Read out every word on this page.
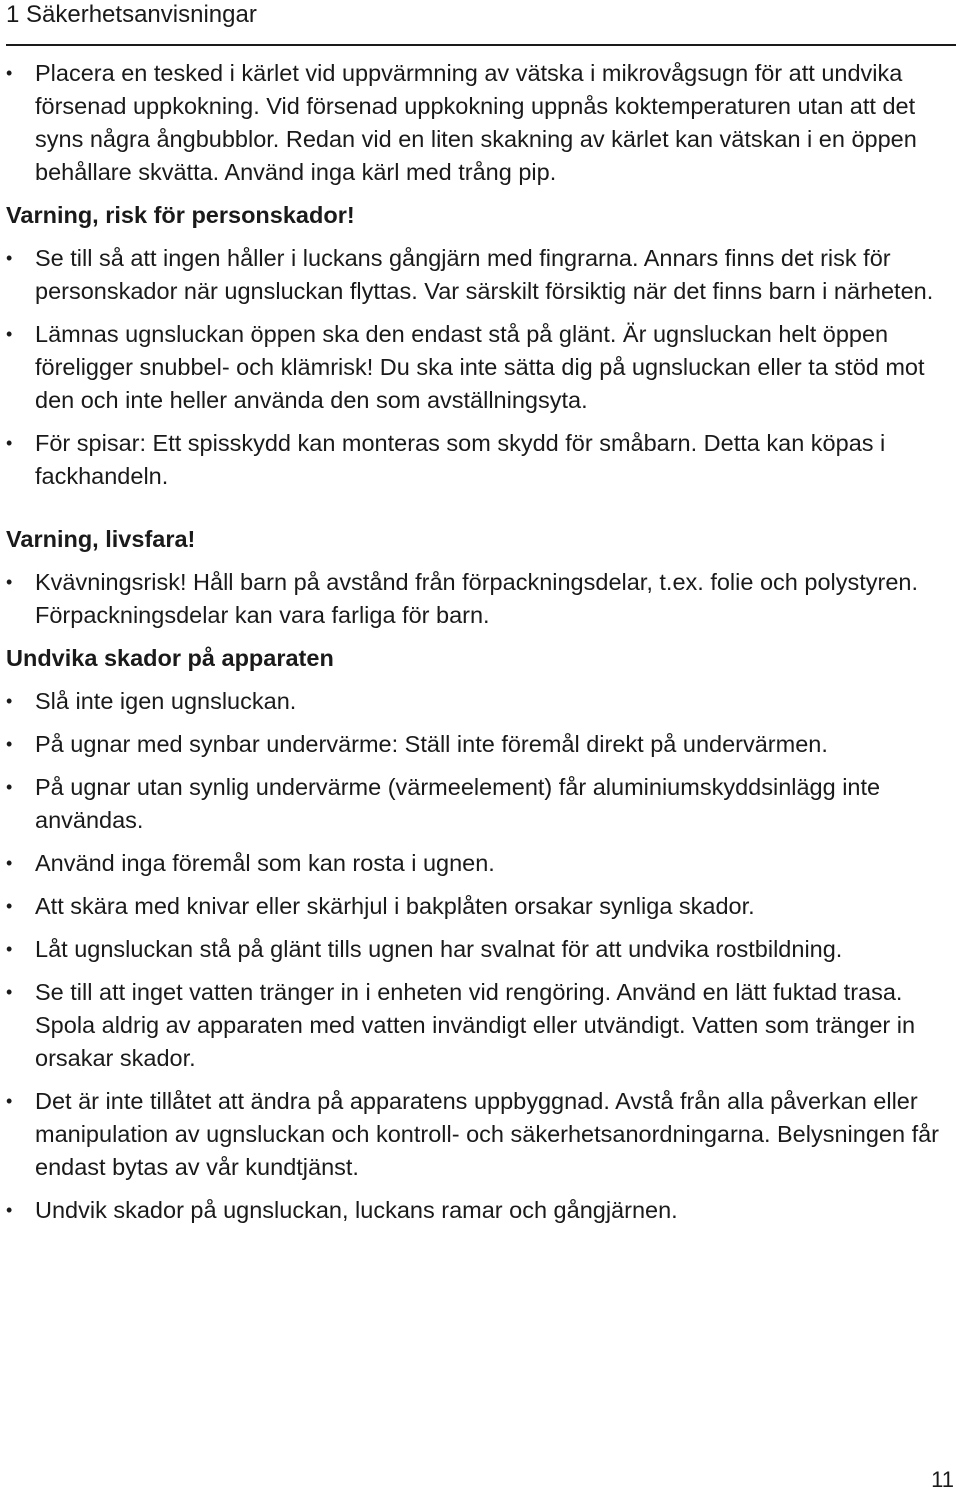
1 Säkerhetsanvisningar
• Placera en tesked i kärlet vid uppvärmning av vätska i mikrovågsugn för att undvika försenad uppkokning. Vid försenad uppkokning uppnås koktemperaturen utan att det syns några ångbubblor. Redan vid en liten skakning av kärlet kan vätskan i en öppen behållare skvätta. Använd inga kärl med trång pip.
Varning, risk för personskador!
• Se till så att ingen håller i luckans gångjärn med fingrarna. Annars finns det risk för personskador när ugnsluckan flyttas. Var särskilt försiktig när det finns barn i närheten.
• Lämnas ugnsluckan öppen ska den endast stå på glänt. Är ugnsluckan helt öppen föreligger snubbel- och klämrisk! Du ska inte sätta dig på ugnsluckan eller ta stöd mot den och inte heller använda den som avställningsyta.
• För spisar: Ett spisskydd kan monteras som skydd för småbarn. Detta kan köpas i fackhandeln.
Varning, livsfara!
• Kvävningsrisk! Håll barn på avstånd från förpackningsdelar, t.ex. folie och polystyren. Förpackningsdelar kan vara farliga för barn.
Undvika skador på apparaten
• Slå inte igen ugnsluckan.
• På ugnar med synbar undervärme: Ställ inte föremål direkt på undervärmen.
• På ugnar utan synlig undervärme (värmeelement) får aluminiumskyddsinlägg inte användas.
• Använd inga föremål som kan rosta i ugnen.
• Att skära med knivar eller skärhjul i bakplåten orsakar synliga skador.
• Låt ugnsluckan stå på glänt tills ugnen har svalnat för att undvika rostbildning.
• Se till att inget vatten tränger in i enheten vid rengöring. Använd en lätt fuktad trasa. Spola aldrig av apparaten med vatten invändigt eller utvändigt. Vatten som tränger in orsakar skador.
• Det är inte tillåtet att ändra på apparatens uppbyggnad. Avstå från alla påverkan eller manipulation av ugnsluckan och kontroll- och säkerhetsanordningarna. Belysningen får endast bytas av vår kundtjänst.
• Undvik skador på ugnsluckan, luckans ramar och gångjärnen.
11
